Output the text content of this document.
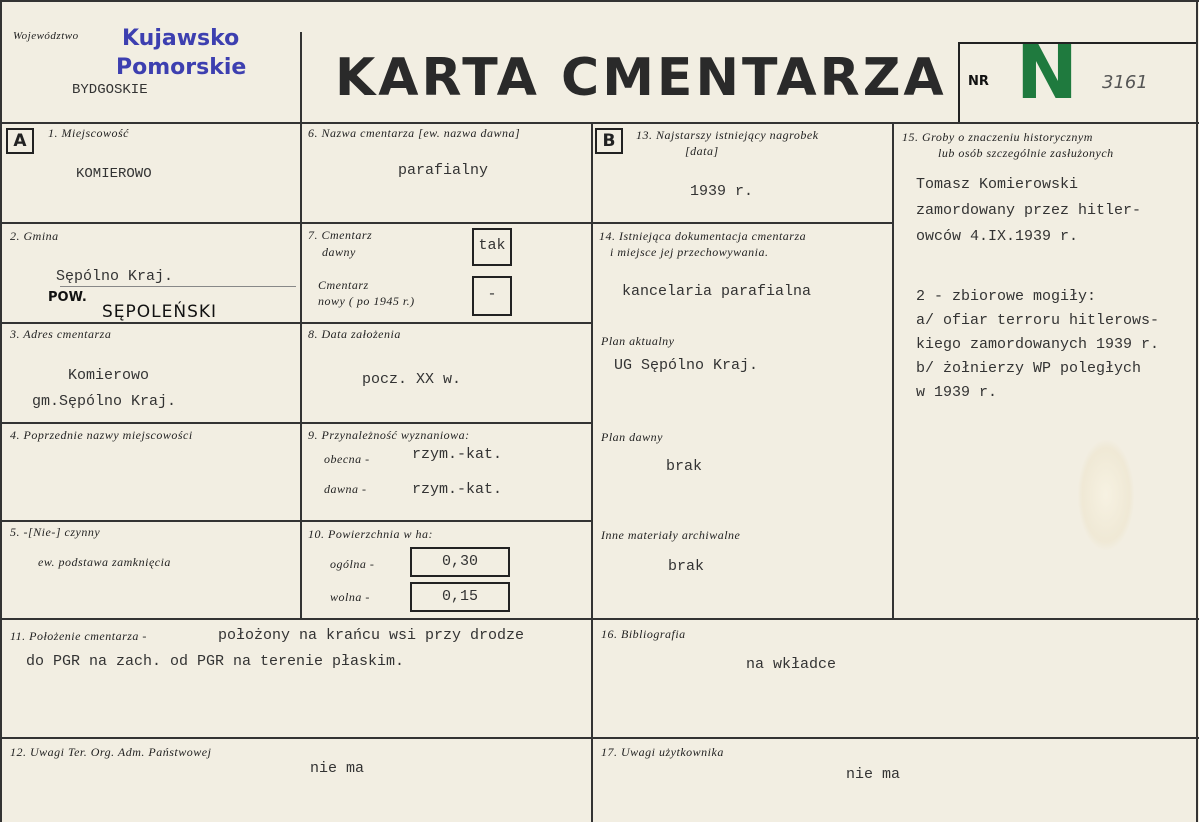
Województwo Kujawsko
Pomorskie
BYDGOSKIE	KARTA CMENTARZA NR N 3161
A	B
1. Miejscowość
KOMIEROWO
2. Gmina
Sępólno Kraj.
POW.
SĘPOLEŃSKI
3. Adres cmentarza
Komierowo
gm.Sępólno Kraj.
4. Poprzednie nazwy miejscowości
5. -[Nie-] czynny
ew. podstawa zamknięcia
6. Nazwa cmentarza [ew. nazwa dawna]
parafialny
7. Cmentarz
dawny	tak
Cmentarz
nowy ( po 1945 r.)	-
8. Data założenia
pocz. XX w.
9. Przynależność wyznaniowa:
obecna -	rzym.-kat.
dawna -	rzym.-kat.
10. Powierzchnia w ha:
ogólna -	0,30
wolna -	0,15
13. Najstarszy istniejący nagrobek
[data]
1939 r.
14. Istniejąca dokumentacja cmentarza
i miejsce jej przechowywania.
kancelaria parafialna
Plan aktualny
UG Sępólno Kraj.
Plan dawny
brak
Inne materiały archiwalne
brak
15. Groby o znaczeniu historycznym
lub osób szczególnie zasłużonych
Tomasz Komierowski
zamordowany przez hitler-
owców 4.IX.1939 r.
2 - zbiorowe mogiły:
a/ ofiar terroru hitlerows-
kiego zamordowanych 1939 r.
b/ żołnierzy WP poległych
w 1939 r.
11. Położenie cmentarza -	położony na krańcu wsi przy drodze
do PGR na zach. od PGR na terenie płaskim.
16. Bibliografia
na wkładce
12. Uwagi Ter. Org. Adm. Państwowej
nie ma
17. Uwagi użytkownika
nie ma
